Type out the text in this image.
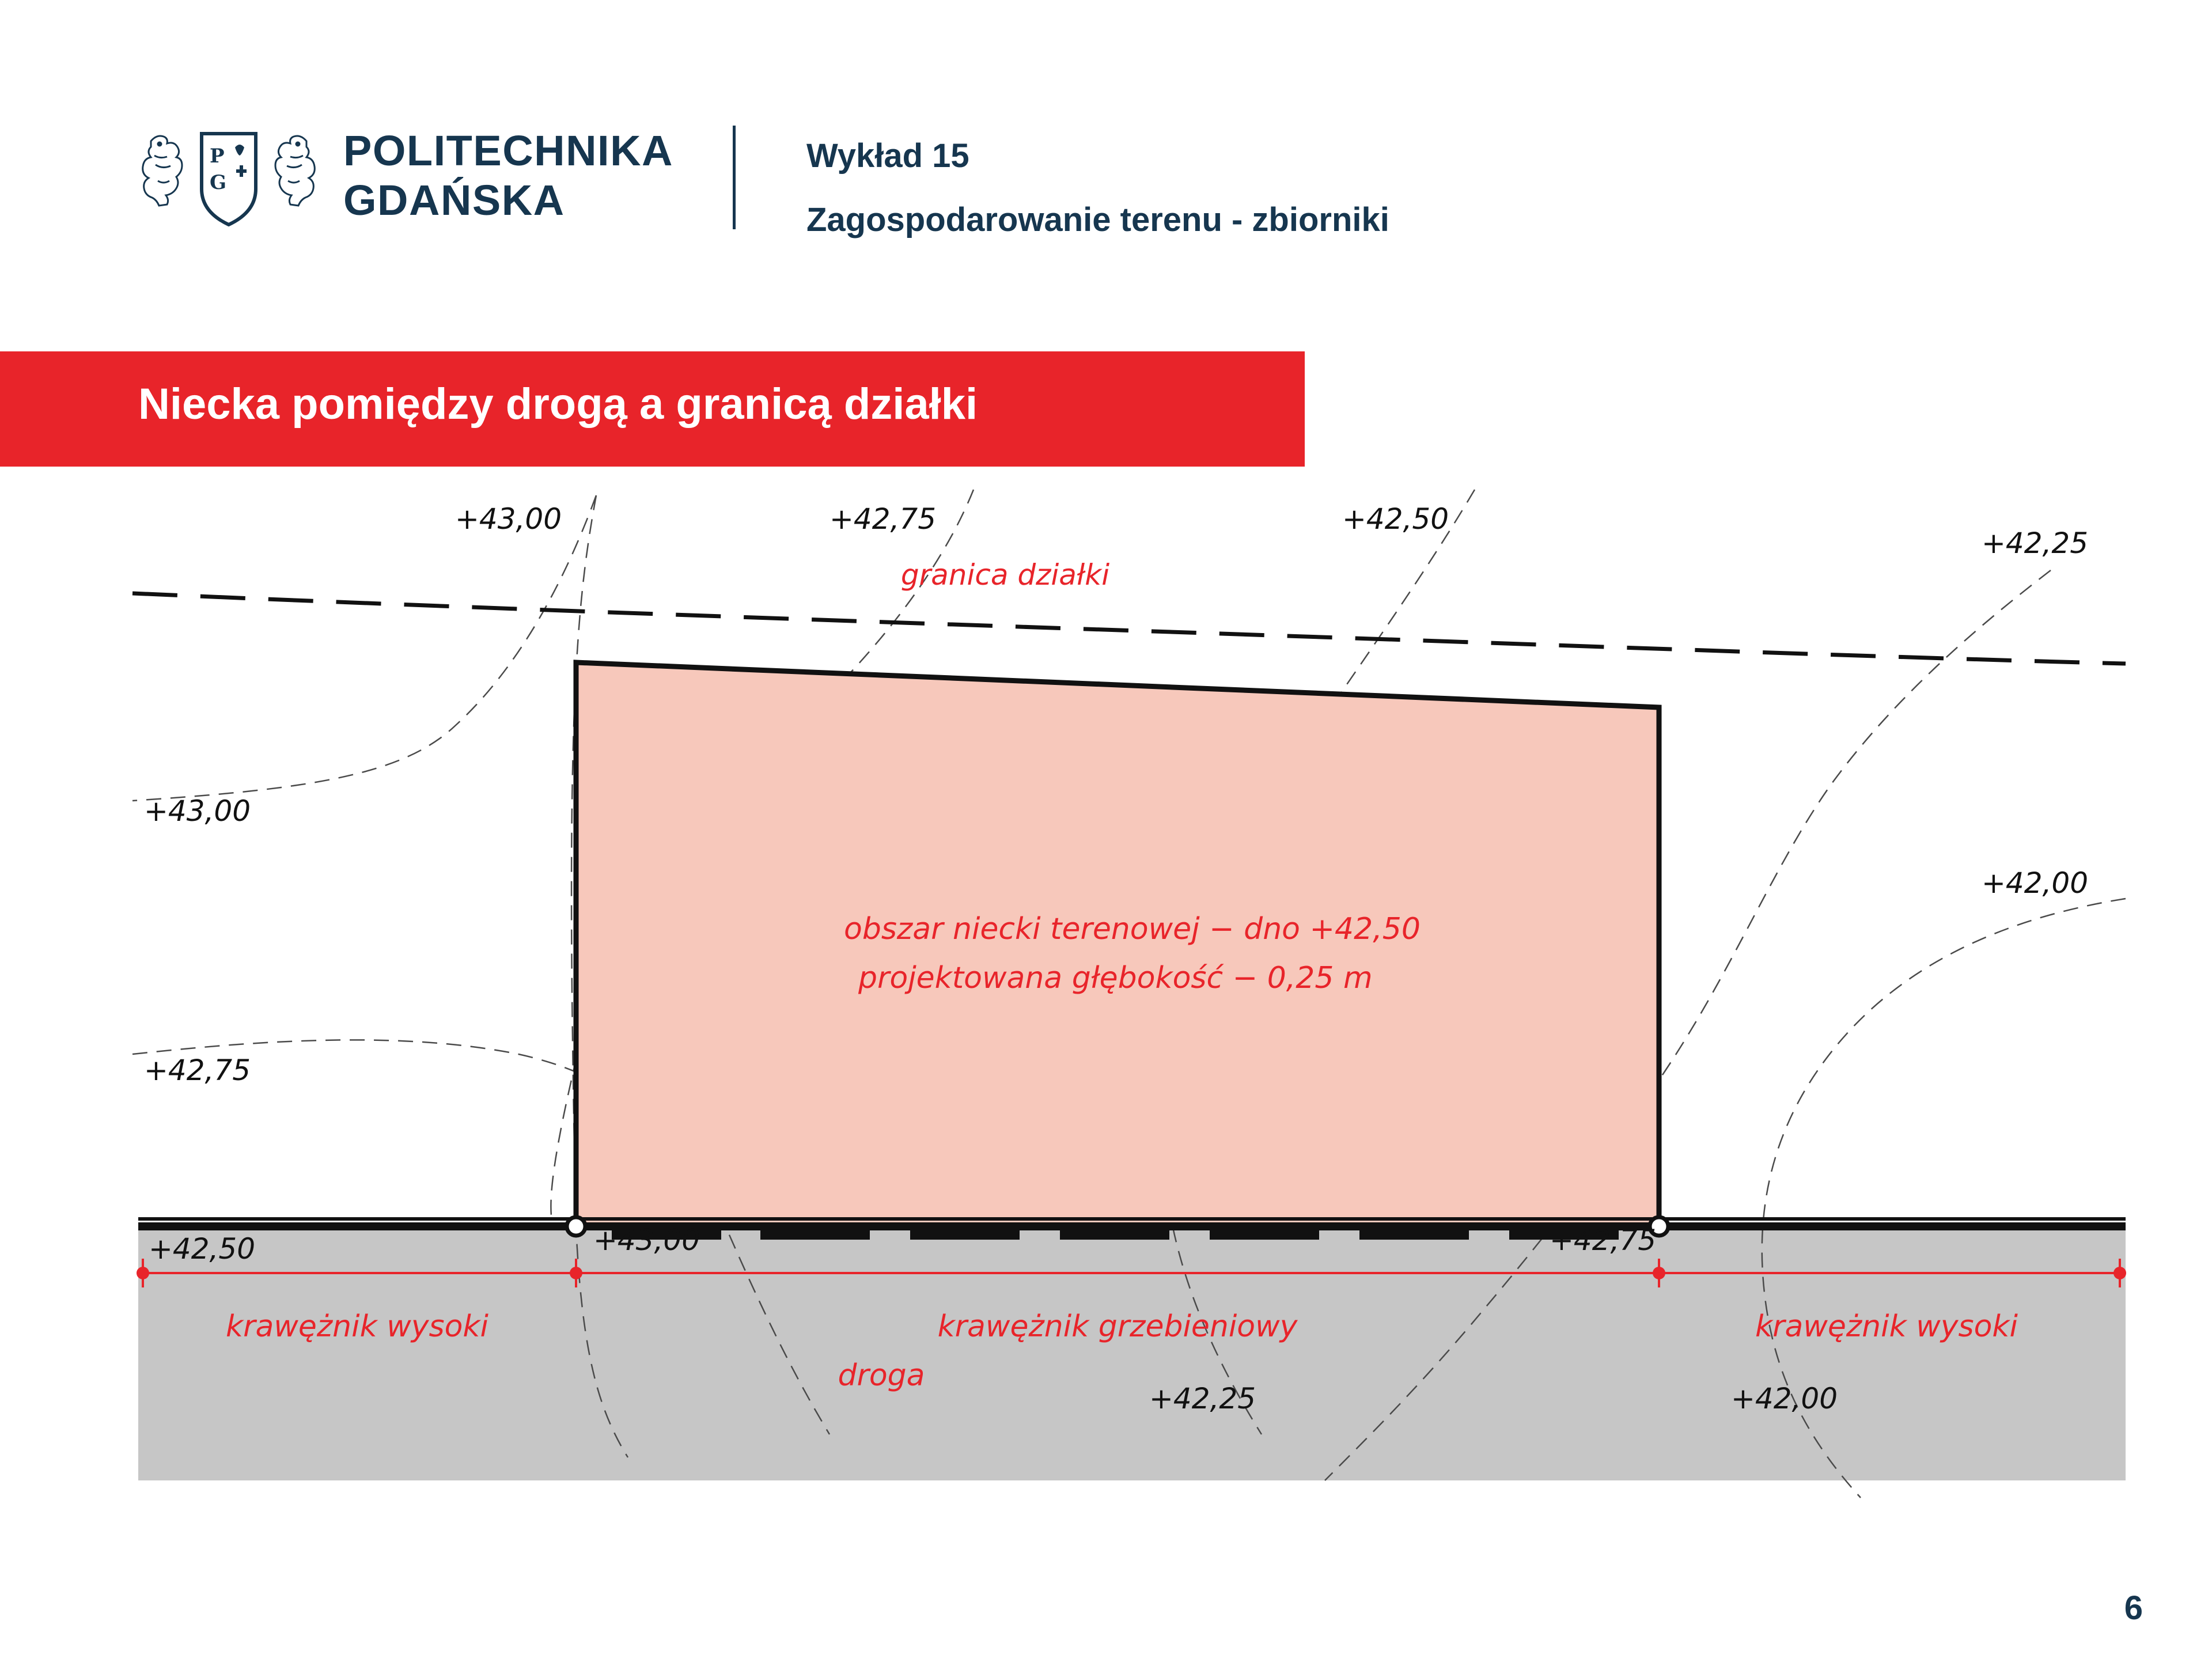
P
G
POLITECHNIKA
GDAŃSKA
Wykład 15
Zagospodarowanie terenu - zbiorniki
Niecka pomiędzy drogą a granicą działki
granica działki
obszar niecki terenowej − dno +42,50
projektowana głębokość − 0,25 m
+43,00	+42,75	+42,50
+42,25
+43,00
+42,75
+42,00
+42,50	+43,00	+42,75
+42,25	+42,00
krawężnik wysoki	krawężnik grzebieniowy	krawężnik wysoki
droga
6
